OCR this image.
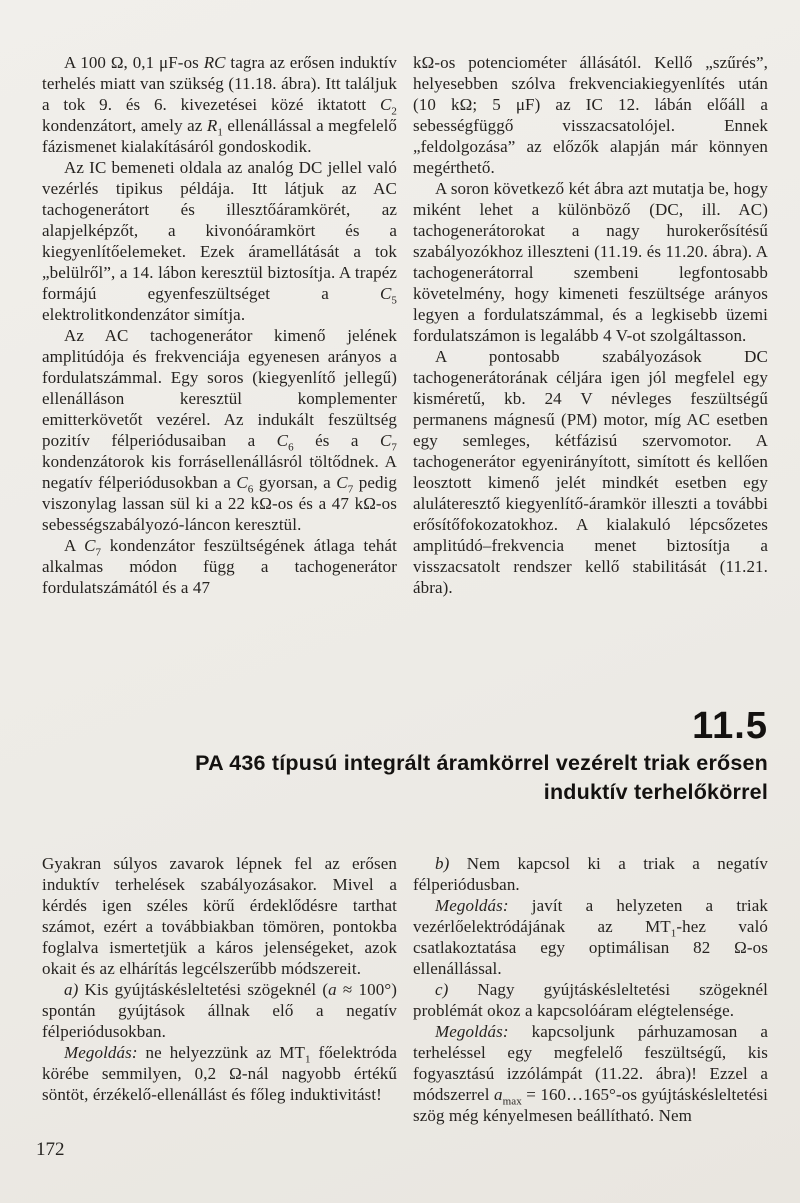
A 100 Ω, 0,1 μF-os RC tagra az erősen induktív terhelés miatt van szükség (11.18. ábra). Itt találjuk a tok 9. és 6. kivezetései közé iktatott $C_2$ kondenzátort, amely az $R_1$ ellenállással a megfelelő fázismenet kialakításáról gondoskodik.

Az IC bemeneti oldala az analóg DC jellel való vezérlés tipikus példája. Itt látjuk az AC tachogenerátort és illesztőáramkörét, az alapjelképzőt, a kivonóáramkört és a kiegyenlítőelemeket. Ezek áramellátását a tok „belülről”, a 14. lábon keresztül biztosítja. A trapéz formájú egyenfeszültséget a $C_5$ elektrolitkondenzátor simítja.

Az AC tachogenerátor kimenő jelének amplitúdója és frekvenciája egyenesen arányos a fordulatszámmal. Egy soros (kiegyenlítő jellegű) ellenálláson keresztül komplementer emitterkövetőt vezérel. Az indukált feszültség pozitív félperiódusaiban a $C_6$ és a $C_7$ kondenzátorok kis forrásellenállásról töltődnek. A negatív félperiódusokban a $C_6$ gyorsan, a $C_7$ pedig viszonylag lassan sül ki a 22 kΩ-os és a 47 kΩ-os sebességszabályozó-láncon keresztül.

A $C_7$ kondenzátor feszültségének átlaga tehát alkalmas módon függ a tachogenerátor fordulatszámától és a 47

kΩ-os potenciométer állásától. Kellő „szűrés”, helyesebben szólva frekvenciakiegyenlítés után (10 kΩ; 5 μF) az IC 12. lábán előáll a sebességfüggő visszacsatolójel. Ennek „feldolgozása” az előzők alapján már könnyen megérthető.

A soron következő két ábra azt mutatja be, hogy miként lehet a különböző (DC, ill. AC) tachogenerátorokat a nagy hurokerősítésű szabályozókhoz illeszteni (11.19. és 11.20. ábra). A tachogenerátorral szembeni legfontosabb követelmény, hogy kimeneti feszültsége arányos legyen a fordulatszámmal, és a legkisebb üzemi fordulatszámon is legalább 4 V-ot szolgáltasson.

A pontosabb szabályozások DC tachogenerátorának céljára igen jól megfelel egy kisméretű, kb. 24 V névleges feszültségű permanens mágnesű (PM) motor, míg AC esetben egy semleges, kétfázisú szervomotor. A tachogenerátor egyenirányított, simított és kellően leosztott kimenő jelét mindkét esetben egy aluláteresztő kiegyenlítő-áramkör illeszti a további erősítőfokozatokhoz. A kialakuló lépcsőzetes amplitúdó–frekvencia menet biztosítja a visszacsatolt rendszer kellő stabilitását (11.21. ábra).

11.5
PA 436 típusú integrált áramkörrel vezérelt triak erősen
induktív terhelőkörrel

Gyakran súlyos zavarok lépnek fel az erősen induktív terhelések szabályozásakor. Mivel a kérdés igen széles körű érdeklődésre tarthat számot, ezért a továbbiakban tömören, pontokba foglalva ismertetjük a káros jelenségeket, azok okait és az elhárítás legcélszerűbb módszereit.

a) Kis gyújtáskésleltetési szögeknél (a ≈ 100°) spontán gyújtások állnak elő a negatív félperiódusokban.

Megoldás: ne helyezzünk az $MT_1$ főelektróda körébe semmilyen, 0,2 Ω-nál nagyobb értékű söntöt, érzékelő-ellenállást és főleg induktivitást!

b) Nem kapcsol ki a triak a negatív félperiódusban.

Megoldás: javít a helyzeten a triak vezérlőelektródájának az $MT_1$-hez való csatlakoztatása egy optimálisan 82 Ω-os ellenállással.

c) Nagy gyújtáskésleltetési szögeknél problémát okoz a kapcsolóáram elégtelensége.

Megoldás: kapcsoljunk párhuzamosan a terheléssel egy megfelelő feszültségű, kis fogyasztású izzólámpát (11.22. ábra)! Ezzel a módszerrel $a_{max}$ = 160…165°-os gyújtáskésleltetési szög még kényelmesen beállítható. Nem

172
